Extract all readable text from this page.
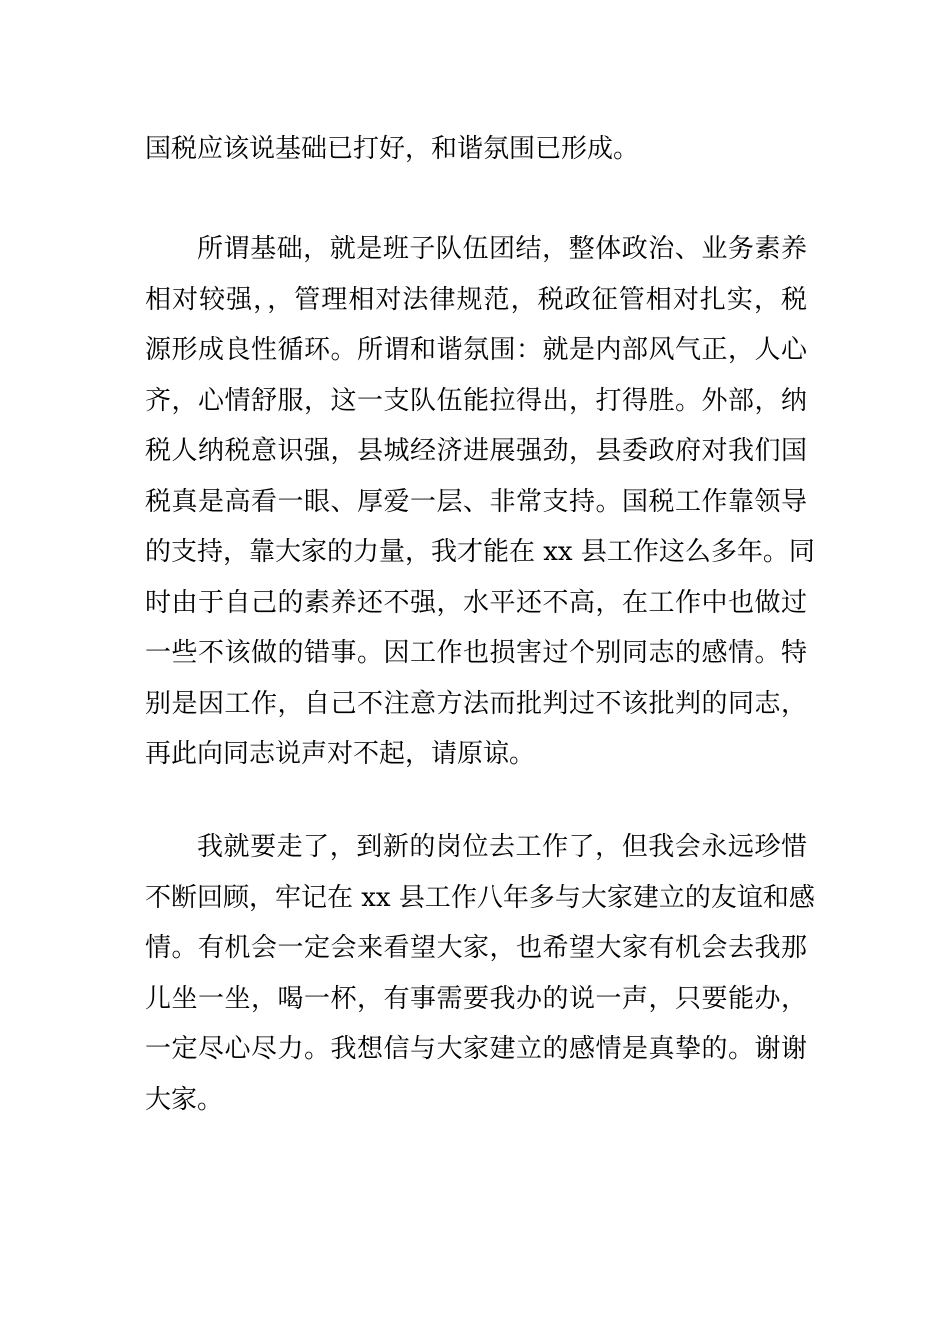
国税应该说基础已打好，和谐氛围已形成。
所谓基础，就是班子队伍团结，整体政治、业务素养
相对较强，，管理相对法律规范，税政征管相对扎实，税
源形成良性循环。所谓和谐氛围：就是内部风气正，人心
齐，心情舒服，这一支队伍能拉得出，打得胜。外部，纳
税人纳税意识强，县城经济进展强劲，县委政府对我们国
税真是高看一眼、厚爱一层、非常支持。国税工作靠领导
的支持，靠大家的力量，我才能在 xx 县工作这么多年。同
时由于自己的素养还不强，水平还不高，在工作中也做过
一些不该做的错事。因工作也损害过个别同志的感情。特
别是因工作，自己不注意方法而批判过不该批判的同志，
再此向同志说声对不起，请原谅。
我就要走了，到新的岗位去工作了，但我会永远珍惜
不断回顾，牢记在 xx 县工作八年多与大家建立的友谊和感
情。有机会一定会来看望大家，也希望大家有机会去我那
儿坐一坐，喝一杯，有事需要我办的说一声，只要能办，
一定尽心尽力。我想信与大家建立的感情是真挚的。谢谢
大家。
